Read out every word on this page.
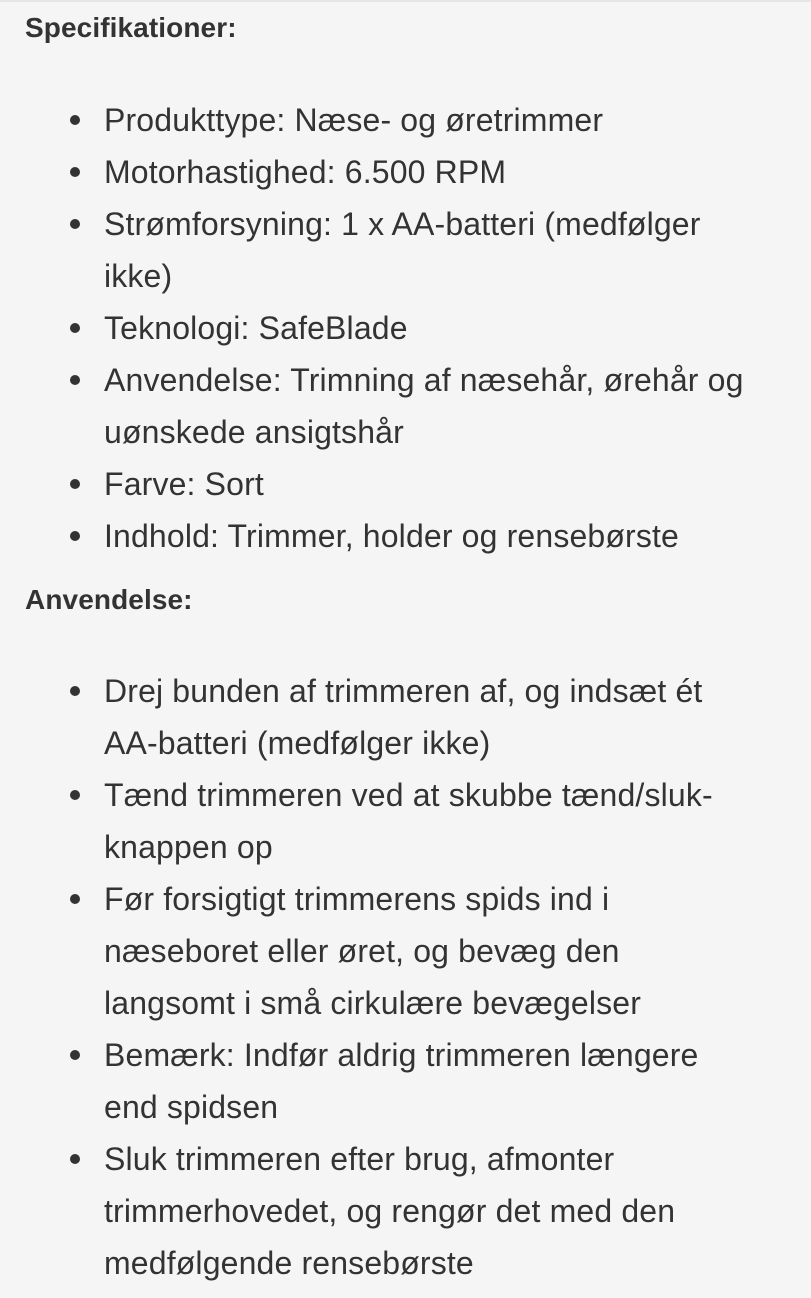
Specifikationer:
Produkttype: Næse- og øretrimmer
Motorhastighed: 6.500 RPM
Strømforsyning: 1 x AA-batteri (medfølger ikke)
Teknologi: SafeBlade
Anvendelse: Trimning af næsehår, ørehår og uønskede ansigtshår
Farve: Sort
Indhold: Trimmer, holder og rensebørste
Anvendelse:
Drej bunden af trimmeren af, og indsæt ét AA-batteri (medfølger ikke)
Tænd trimmeren ved at skubbe tænd/sluk-knappen op
Før forsigtigt trimmerens spids ind i næseboret eller øret, og bevæg den langsomt i små cirkulære bevægelser
Bemærk: Indfør aldrig trimmeren længere end spidsen
Sluk trimmeren efter brug, afmonter trimmerhovedet, og rengør det med den medfølgende rensebørste
